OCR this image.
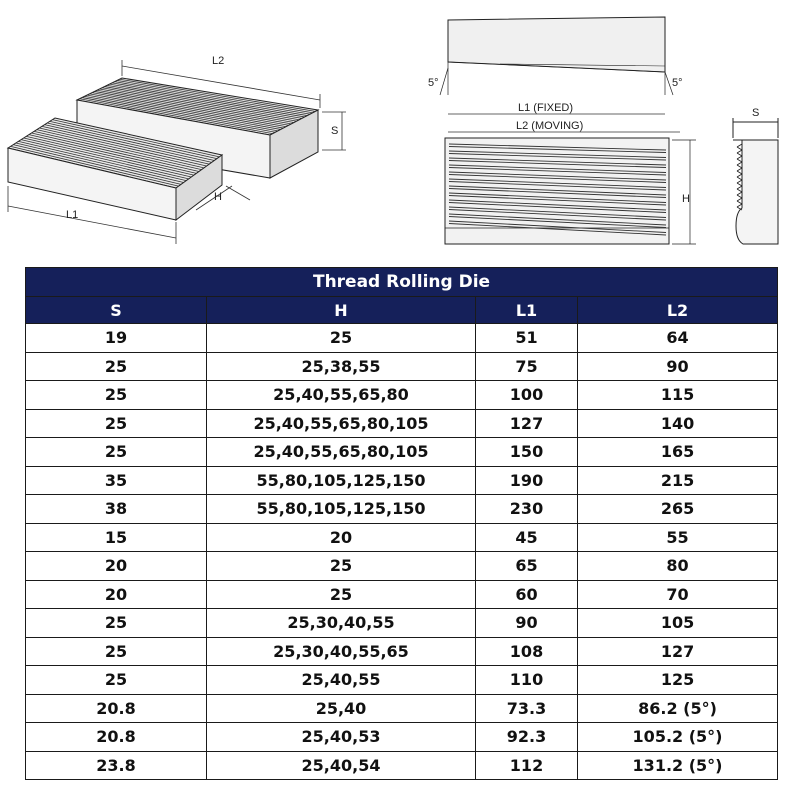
L2
S
H
L1
5°	5°
L1 (FIXED)
L2 (MOVING)
H
S
Thread Rolling Die			
S	H	L1	L2
19	25	51	64
25	25,38,55	75	90
25	25,40,55,65,80	100	115
25	25,40,55,65,80,105	127	140
25	25,40,55,65,80,105	150	165
35	55,80,105,125,150	190	215
38	55,80,105,125,150	230	265
15	20	45	55
20	25	65	80
20	25	60	70
25	25,30,40,55	90	105
25	25,30,40,55,65	108	127
25	25,40,55	110	125
20.8	25,40	73.3	86.2 (5°)
20.8	25,40,53	92.3	105.2 (5°)
23.8	25,40,54	112	131.2 (5°)
